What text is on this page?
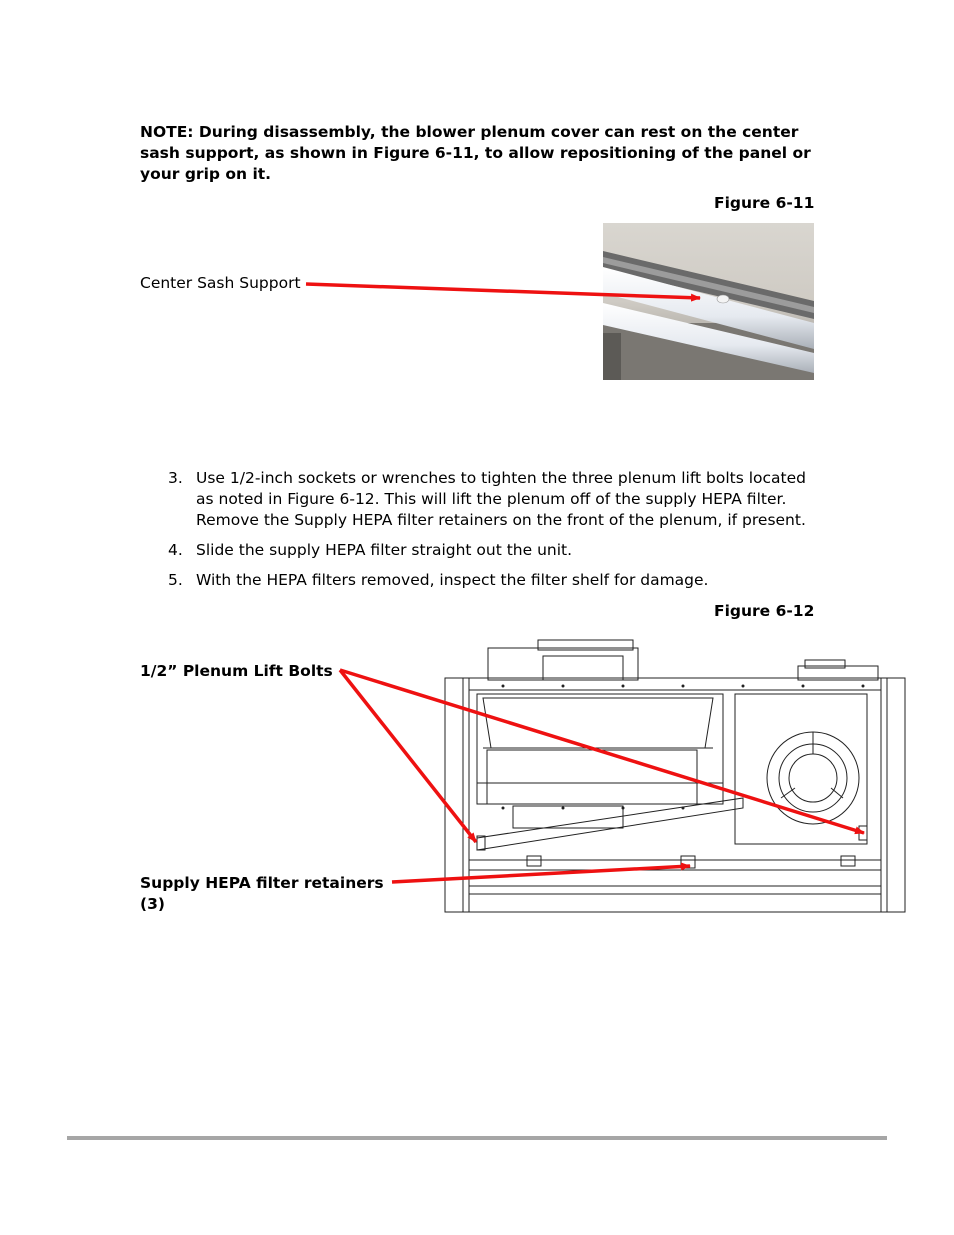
NOTE: During disassembly, the blower plenum cover can rest on the center sash support, as shown in Figure 6-11, to allow repositioning of the panel or your grip on it.
Figure 6-11
Center Sash Support
3. Use 1/2-inch sockets or wrenches to tighten the three plenum lift bolts located as noted in Figure 6-12. This will lift the plenum off of the supply HEPA filter. Remove the Supply HEPA filter retainers on the front of the plenum, if present.
4. Slide the supply HEPA filter straight out the unit.
5. With the HEPA filters removed, inspect the filter shelf for damage.
Figure 6-12
1/2” Plenum Lift Bolts
Supply HEPA filter retainers (3)
